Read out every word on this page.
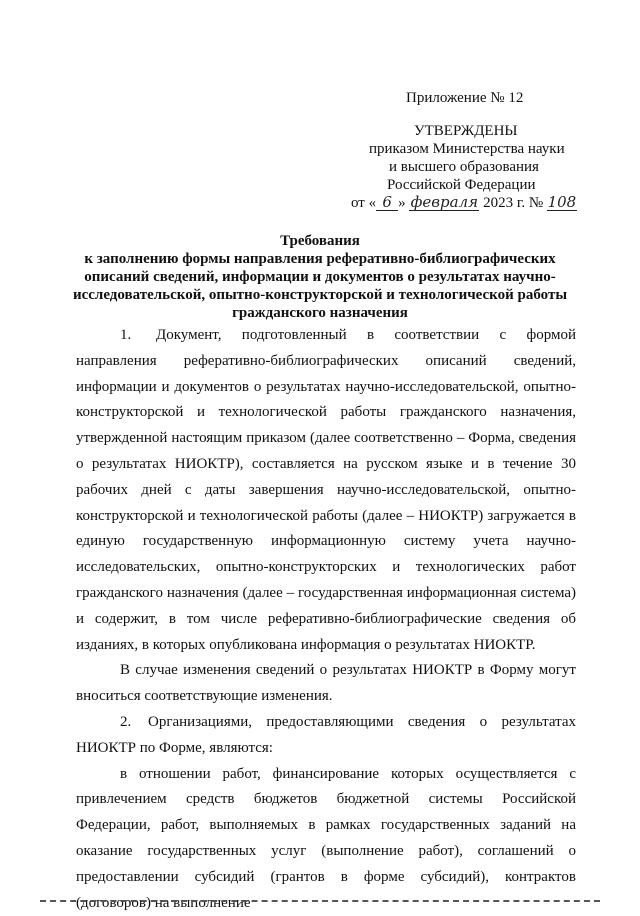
Приложение № 12
УТВЕРЖДЕНЫ
приказом Министерства науки
и высшего образования
Российской Федерации
от « 6 » февраля 2023 г. № 108
Требования
к заполнению формы направления реферативно-библиографических
описаний сведений, информации и документов о результатах научно-
исследовательской, опытно-конструкторской и технологической работы
гражданского назначения

1. Документ, подготовленный в соответствии с формой направления реферативно-библиографических описаний сведений, информации и документов о результатах научно-исследовательской, опытно-конструкторской и технологической работы гражданского назначения, утвержденной настоящим приказом (далее соответственно – Форма, сведения о результатах НИОКТР), составляется на русском языке и в течение 30 рабочих дней с даты завершения научно-исследовательской, опытно-конструкторской и технологической работы (далее – НИОКТР) загружается в единую государственную информационную систему учета научно-исследовательских, опытно-конструкторских и технологических работ гражданского назначения (далее – государственная информационная система) и содержит, в том числе реферативно-библиографические сведения об изданиях, в которых опубликована информация о результатах НИОКТР.

В случае изменения сведений о результатах НИОКТР в Форму могут вноситься соответствующие изменения.

2. Организациями, предоставляющими сведения о результатах НИОКТР по Форме, являются:

в отношении работ, финансирование которых осуществляется с привлечением средств бюджетов бюджетной системы Российской Федерации, работ, выполняемых в рамках государственных заданий на оказание государственных услуг (выполнение работ), соглашений о предоставлении субсидий (грантов в форме субсидий), контрактов (договоров) на выполнение
